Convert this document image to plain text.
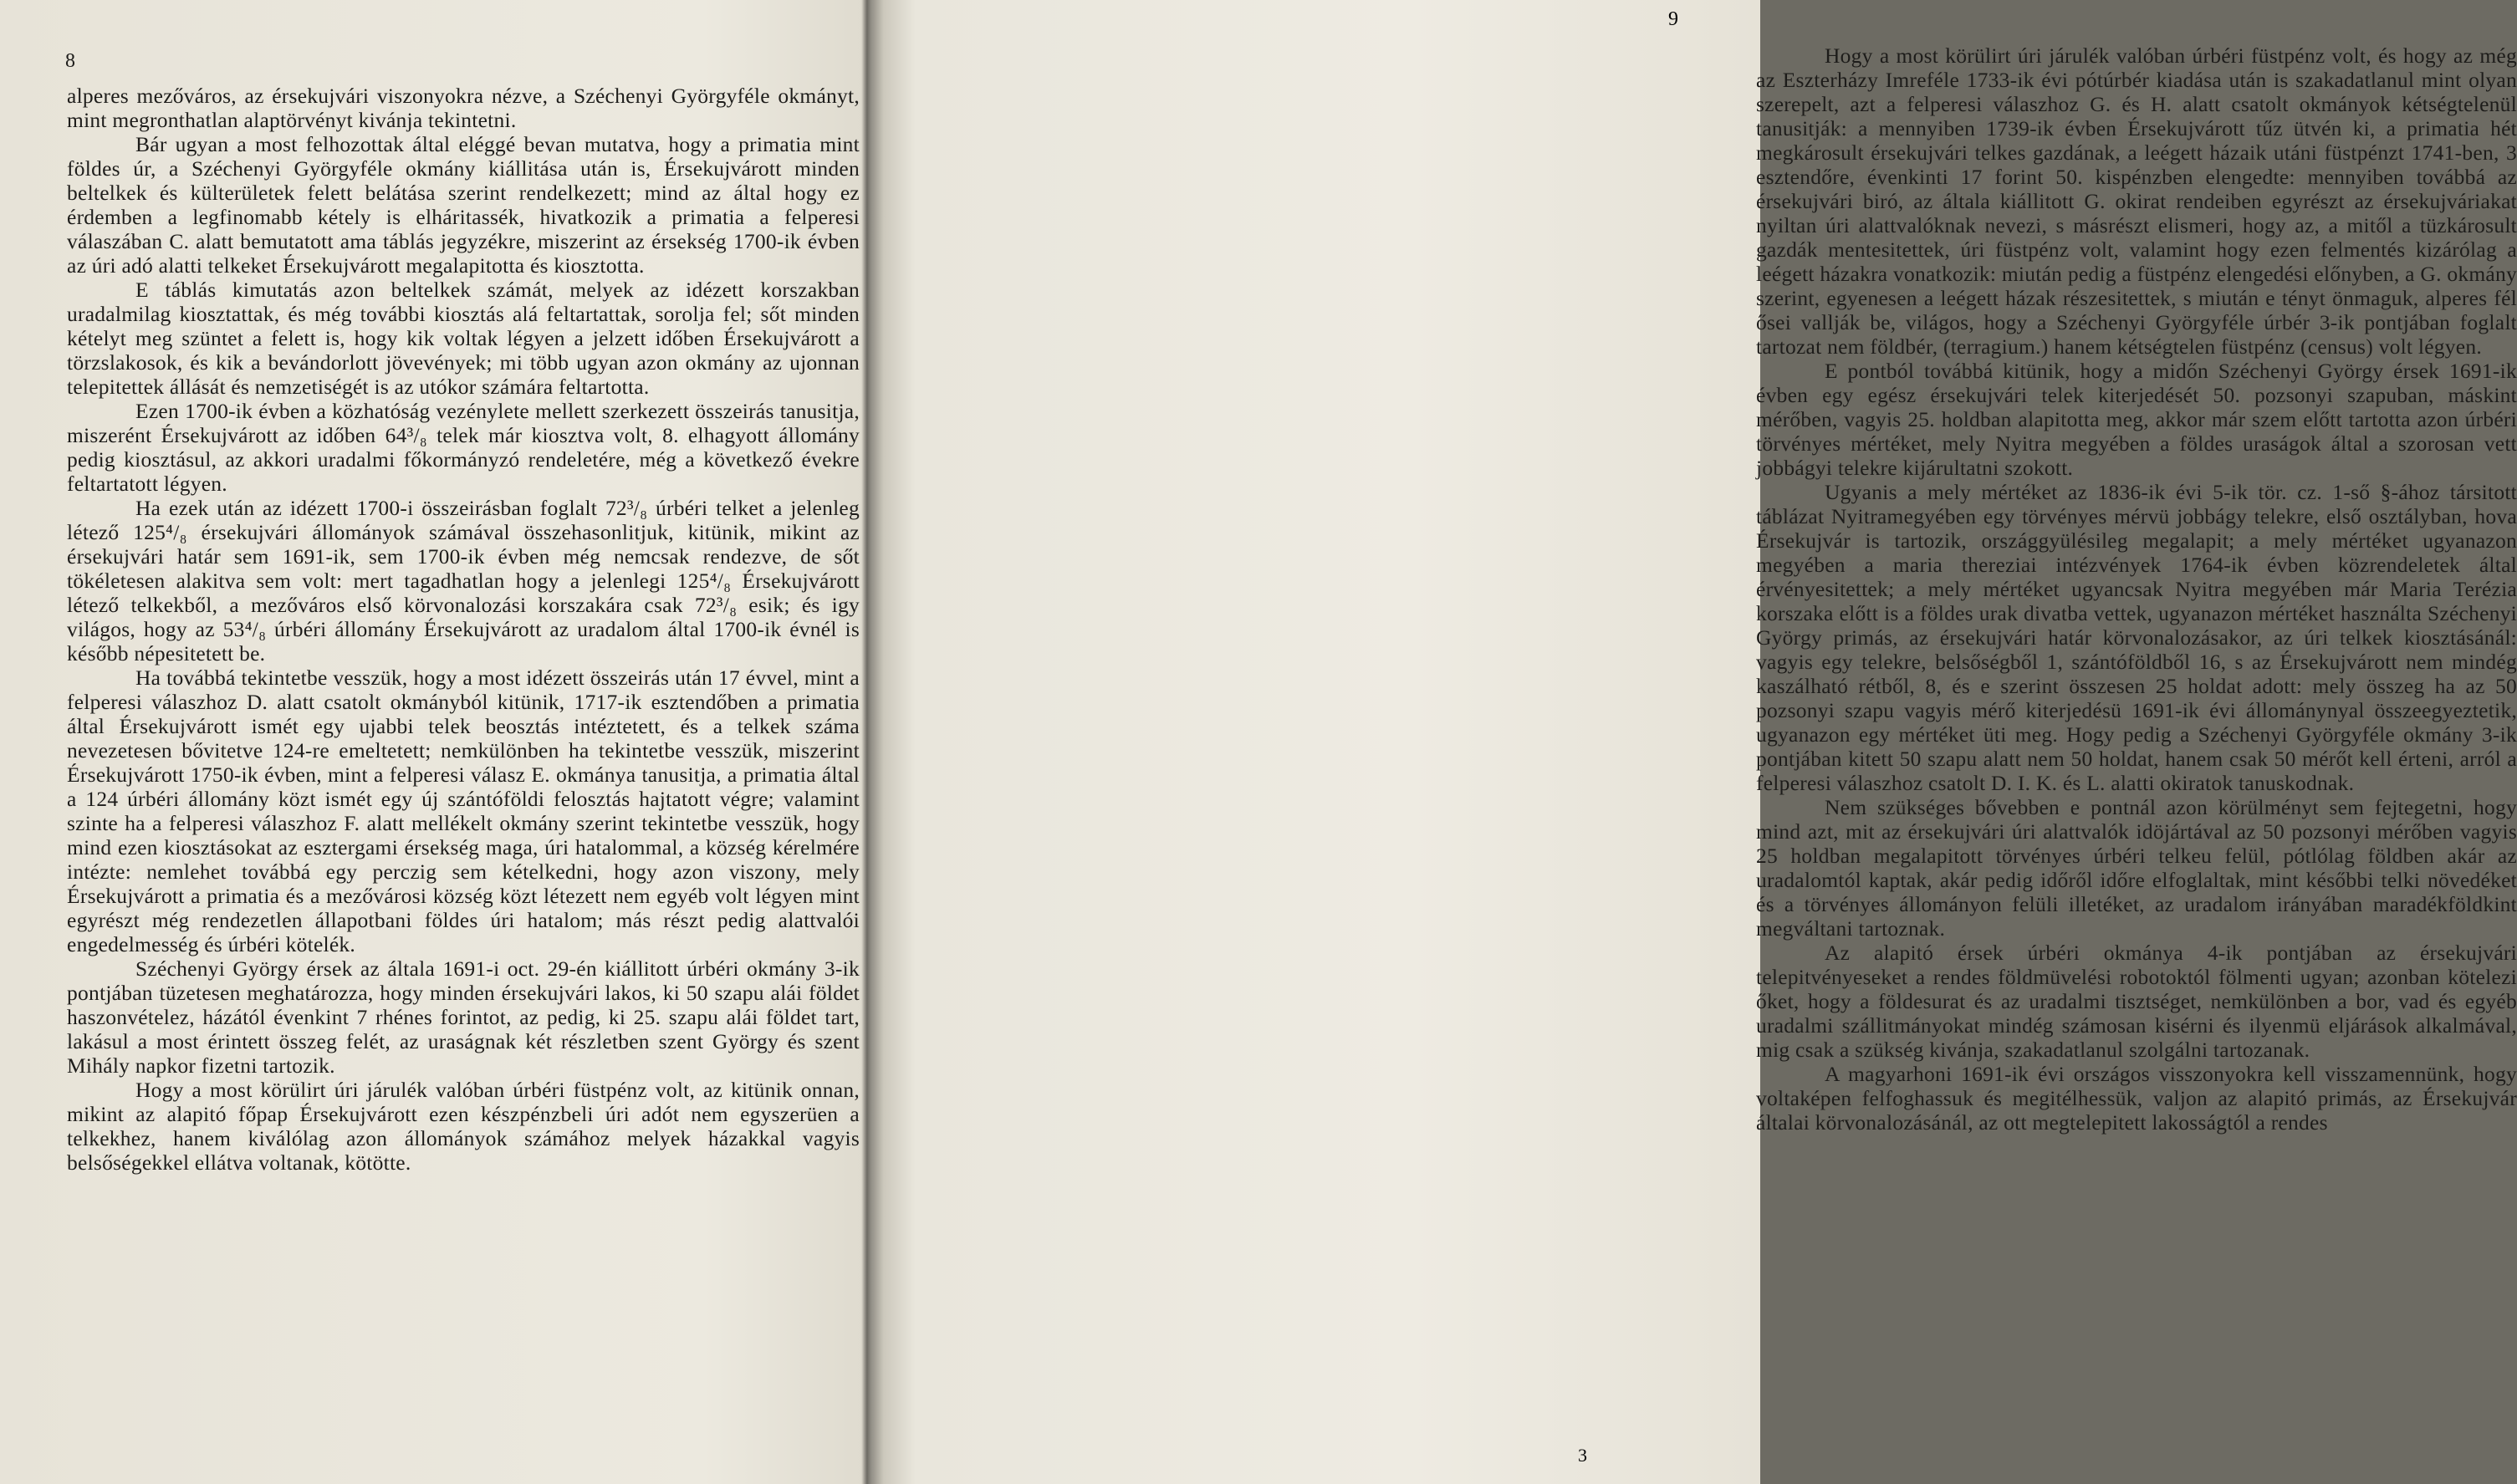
8

alperes mezőváros, az érsekujvári viszonyokra nézve, a Széchenyi Györgyféle okmányt, mint megronthatlan alaptörvényt kivánja tekintetni.

Bár ugyan a most felhozottak által eléggé bevan mutatva, hogy a primatia mint földes úr, a Széchenyi Györgyféle okmány kiállitása után is, Érsekujvárott minden beltelkek és külterületek felett belátása szerint rendelkezett; mind az által hogy ez érdemben a legfinomabb kétely is elháritassék, hivatkozik a primatia a felperesi válaszában C. alatt bemutatott ama táblás jegyzékre, miszerint az érsekség 1700-ik évben az úri adó alatti telkeket Érsekujvárott megalapitotta és kiosztotta.

E táblás kimutatás azon beltelkek számát, melyek az idézett korszakban uradalmilag kiosztattak, és még további kiosztás alá feltartattak, sorolja fel; sőt minden kételyt meg szüntet a felett is, hogy kik voltak légyen a jelzett időben Érsekujvárott a törzslakosok, és kik a bevándorlott jövevények; mi több ugyan azon okmány az ujonnan telepitettek állását és nemzetiségét is az utókor számára feltartotta.

Ezen 1700-ik évben a közhatóság vezénylete mellett szerkezett összeirás tanusitja, miszerént Érsekujvárott az időben 64³/₈ telek már kiosztva volt, 8. elhagyott állomány pedig kiosztásul, az akkori uradalmi főkormányzó rendeletére, még a következő évekre feltartatott légyen.

Ha ezek után az idézett 1700-i összeirásban foglalt 72³/₈ úrbéri telket a jelenleg létező 125⁴/₈ érsekujvári állományok számával összehasonlitjuk, kitünik, mikint az érsekujvári határ sem 1691-ik, sem 1700-ik évben még nemcsak rendezve, de sőt tökéletesen alakitva sem volt: mert tagadhatlan hogy a jelenlegi 125⁴/₈ Érsekujvárott létező telkekből, a mezőváros első körvonalozási korszakára csak 72³/₈ esik; és igy világos, hogy az 53⁴/₈ úrbéri állomány Érsekujvárott az uradalom által 1700-ik évnél is később népesitetett be.

Ha továbbá tekintetbe vesszük, hogy a most idézett összeirás után 17 évvel, mint a felperesi válaszhoz D. alatt csatolt okmányból kitünik, 1717-ik esztendőben a primatia által Érsekujvárott ismét egy ujabbi telek beosztás intéztetett, és a telkek száma nevezetesen bővitetve 124-re emeltetett; nemkülönben ha tekintetbe vesszük, miszerint Érsekujvárott 1750-ik évben, mint a felperesi válasz E. okmánya tanusitja, a primatia által a 124 úrbéri állomány közt ismét egy új szántóföldi felosztás hajtatott végre; valamint szinte ha a felperesi válaszhoz F. alatt mellékelt okmány szerint tekintetbe vesszük, hogy mind ezen kiosztásokat az esztergami érsekség maga, úri hatalommal, a község kérelmére intézte: nemlehet továbbá egy perczig sem kételkedni, hogy azon viszony, mely Érsekujvárott a primatia és a mezővárosi község közt létezett nem egyéb volt légyen mint egyrészt még rendezetlen állapotbani földes úri hatalom; más részt pedig alattvalói engedelmesség és úrbéri kötelék.

Széchenyi György érsek az általa 1691-i oct. 29-én kiállitott úrbéri okmány 3-ik pontjában tüzetesen meghatározza, hogy minden érsekujvári lakos, ki 50 szapu alái földet haszonvételez, házától évenkint 7 rhénes forintot, az pedig, ki 25. szapu alái földet tart, lakásul a most érintett összeg felét, az uraságnak két részletben szent György és szent Mihály napkor fizetni tartozik.

Hogy a most körülirt úri járulék valóban úrbéri füstpénz volt, az kitünik onnan, mikint az alapitó főpap Érsekujvárott ezen készpénzbeli úri adót nem egyszerüen a telkekhez, hanem kiválólag azon állományok számához melyek házakkal vagyis belsőségekkel ellátva voltanak, kötötte.

Hogy a most körülirt úri járulék valóban úrbéri füstpénz volt, és hogy az még az Eszterházy Imreféle 1733-ik évi pótúrbér kiadása után is szakadatlanul mint olyan szerepelt, azt a felperesi válaszhoz G. és H. alatt csatolt okmányok kétségtelenül tanusitják: a mennyiben 1739-ik évben Érsekujvárott tűz ütvén ki, a primatia hét megkárosult érsekujvári telkes gazdának, a leégett házaik utáni füstpénzt 1741-ben, 3 esztendőre, évenkinti 17 forint 50. kispénzben elengedte: mennyiben továbbá az érsekujvári biró, az általa kiállitott G. okirat rendeiben egyrészt az érsekujváriakat nyiltan úri alattvalóknak nevezi, s másrészt elismeri, hogy az, a mitől a tüzkárosult gazdák mentesitettek, úri füstpénz volt, valamint hogy ezen felmentés kizárólag a leégett házakra vonatkozik: miután pedig a füstpénz elengedési előnyben, a G. okmány szerint, egyenesen a leégett házak részesitettek, s miután e tényt önmaguk, alperes fél ősei vallják be, világos, hogy a Széchenyi Györgyféle úrbér 3-ik pontjában foglalt tartozat nem földbér, (terragium.) hanem kétségtelen füstpénz (census) volt légyen.

E pontból továbbá kitünik, hogy a midőn Széchenyi György érsek 1691-ik évben egy egész érsekujvári telek kiterjedését 50. pozsonyi szapuban, máskint mérőben, vagyis 25. holdban alapitotta meg, akkor már szem előtt tartotta azon úrbéri törvényes mértéket, mely Nyitra megyében a földes uraságok által a szorosan vett jobbágyi telekre kijárultatni szokott.

Ugyanis a mely mértéket az 1836-ik évi 5-ik tör. cz. 1-ső §-ához társitott táblázat Nyitramegyében egy törvényes mérvü jobbágy telekre, első osztályban, hova Érsekujvár is tartozik, országgyülésileg megalapit; a mely mértéket ugyanazon megyében a maria thereziai intézvények 1764-ik évben közrendeletek által érvényesitettek; a mely mértéket ugyancsak Nyitra megyében már Maria Terézia korszaka előtt is a földes urak divatba vettek, ugyanazon mértéket használta Széchenyi György primás, az érsekujvári határ körvonalozásakor, az úri telkek kiosztásánál: vagyis egy telekre, belsőségből 1, szántóföldből 16, s az Érsekujvárott nem mindég kaszálható rétből, 8, és e szerint összesen 25 holdat adott: mely összeg ha az 50 pozsonyi szapu vagyis mérő kiterjedésü 1691-ik évi állománynyal összeegyeztetik, ugyanazon egy mértéket üti meg. Hogy pedig a Széchenyi Györgyféle okmány 3-ik pontjában kitett 50 szapu alatt nem 50 holdat, hanem csak 50 mérőt kell érteni, arról a felperesi válaszhoz csatolt D. I. K. és L. alatti okiratok tanuskodnak.

Nem szükséges bővebben e pontnál azon körülményt sem fejtegetni, hogy mind azt, mit az érsekujvári úri alattvalók idöjártával az 50 pozsonyi mérőben vagyis 25 holdban megalapitott törvényes úrbéri telkeu felül, pótlólag földben akár az uradalomtól kaptak, akár pedig időről időre elfoglaltak, mint későbbi telki növedéket és a törvényes állományon felüli illetéket, az uradalom irányában maradékföldkint megváltani tartoznak.

Az alapitó érsek úrbéri okmánya 4-ik pontjában az érsekujvári telepitvényeseket a rendes földmüvelési robotoktól fölmenti ugyan; azonban kötelezi őket, hogy a földesurat és az uradalmi tisztséget, nemkülönben a bor, vad és egyéb uradalmi szállitmányokat mindég számosan kisérni és ilyenmü eljárások alkalmával, mig csak a szükség kivánja, szakadatlanul szolgálni tartozanak.

A magyarhoni 1691-ik évi országos visszonyokra kell visszamennünk, hogy voltaképen felfoghassuk és megitélhessük, valjon az alapitó primás, az Érsekujvár általai körvonalozásánál, az ott megtelepitett lakosságtól a rendes

9
3
